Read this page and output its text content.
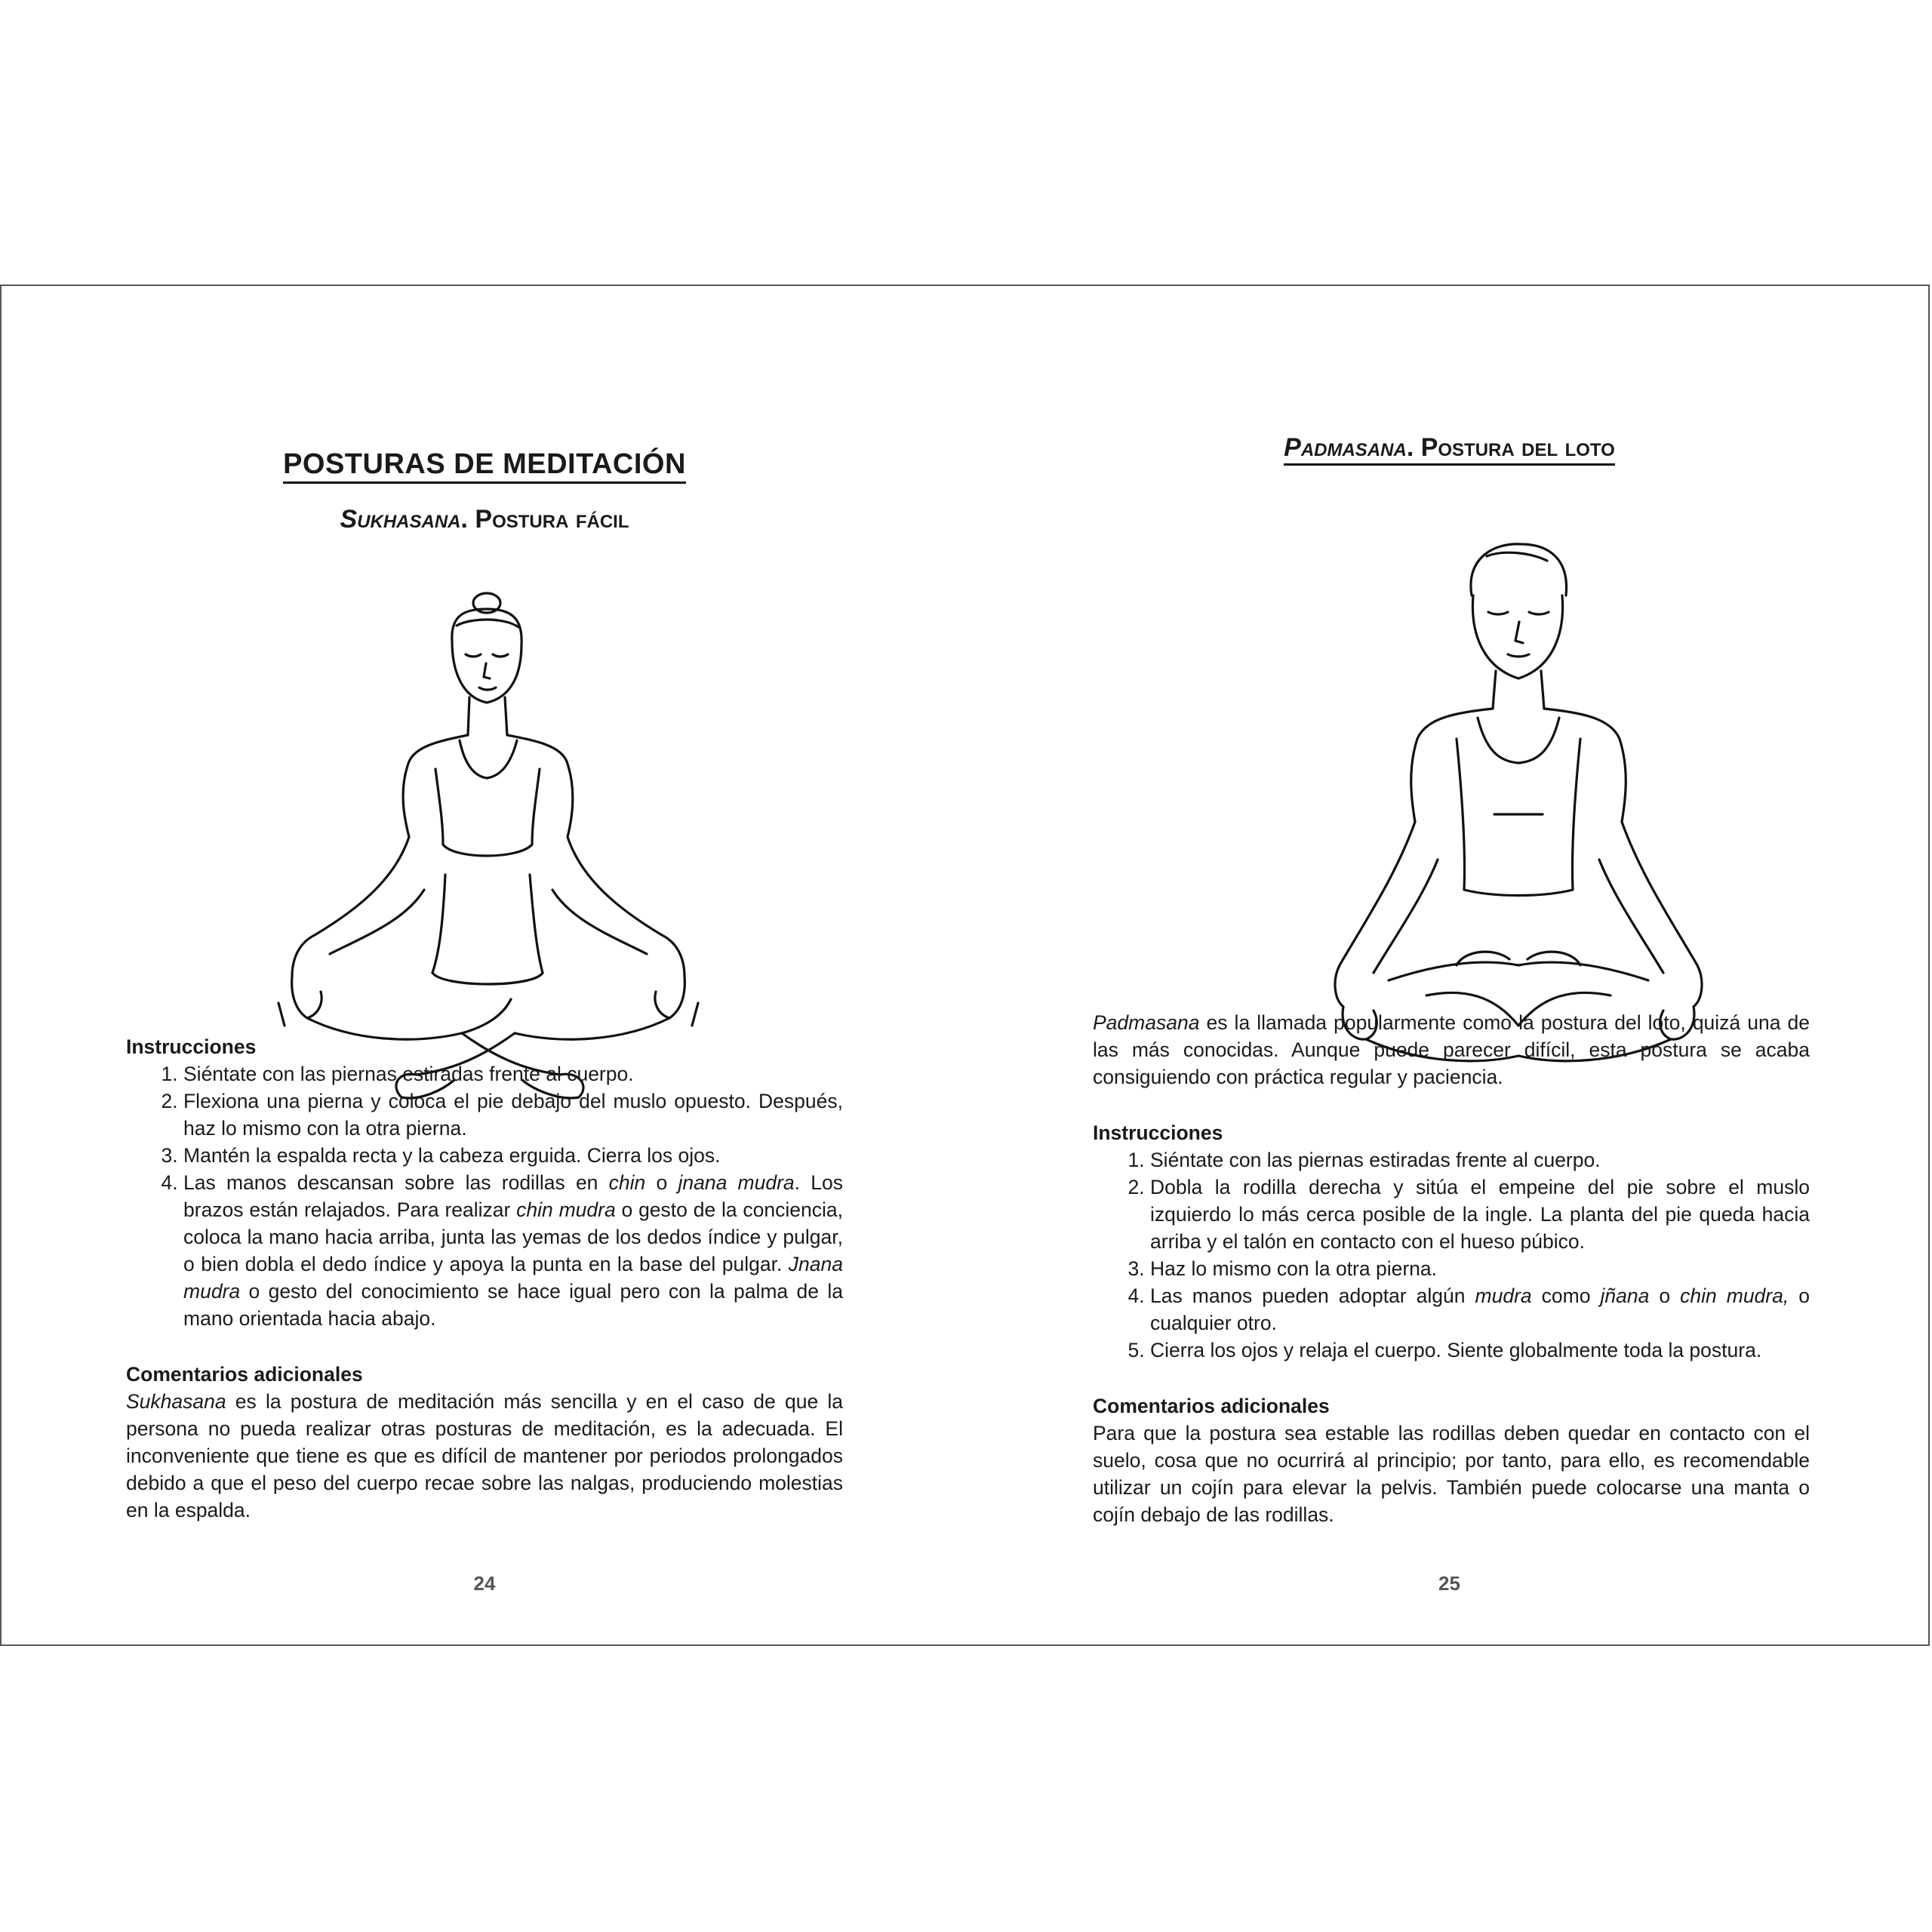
POSTURAS DE MEDITACIÓN
Sukhasana. Postura fácil

Instrucciones

1. Siéntate con las piernas estiradas frente al cuerpo.
2. Flexiona una pierna y coloca el pie debajo del muslo opuesto. Después, haz lo mismo con la otra pierna.
3. Mantén la espalda recta y la cabeza erguida. Cierra los ojos.
4. Las manos descansan sobre las rodillas en chin o jnana mudra. Los brazos están relajados. Para realizar chin mudra o gesto de la conciencia, coloca la mano hacia arriba, junta las yemas de los dedos índice y pulgar, o bien dobla el dedo índice y apoya la punta en la base del pulgar. Jnana mudra o gesto del conocimiento se hace igual pero con la palma de la mano orientada hacia abajo.

Comentarios adicionales

Sukhasana es la postura de meditación más sencilla y en el caso de que la persona no pueda realizar otras posturas de meditación, es la adecuada. El inconveniente que tiene es que es difícil de mantener por periodos prolongados debido a que el peso del cuerpo recae sobre las nalgas, produciendo molestias en la espalda.

24
Padmasana. Postura del loto

Padmasana es la llamada popularmente como la postura del loto, quizá una de las más conocidas. Aunque puede parecer difícil, esta postura se acaba consiguiendo con práctica regular y paciencia.

Instrucciones

1. Siéntate con las piernas estiradas frente al cuerpo.
2. Dobla la rodilla derecha y sitúa el empeine del pie sobre el muslo izquierdo lo más cerca posible de la ingle. La planta del pie queda hacia arriba y el talón en contacto con el hueso púbico.
3. Haz lo mismo con la otra pierna.
4. Las manos pueden adoptar algún mudra como jñana o chin mudra, o cualquier otro.
5. Cierra los ojos y relaja el cuerpo. Siente globalmente toda la postura.

Comentarios adicionales

Para que la postura sea estable las rodillas deben quedar en contacto con el suelo, cosa que no ocurrirá al principio; por tanto, para ello, es recomendable utilizar un cojín para elevar la pelvis. También puede colocarse una manta o cojín debajo de las rodillas.

25
